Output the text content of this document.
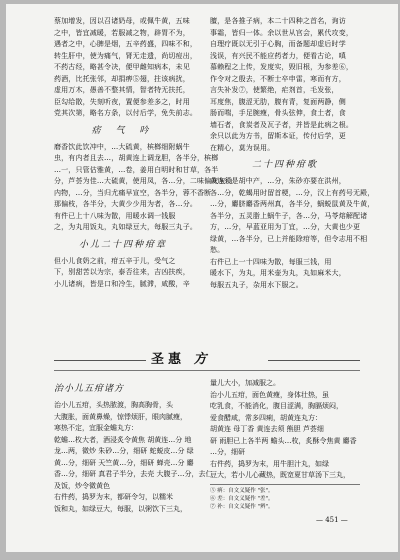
蔡加增发，因以召诸奶母，或佩牛黄，五味
之中，皆宜减暖，若服减之物，辟胃不为，
遇者之中，心脾是烟，五辛药盛，四味不和，
转生肝中，使为痛气，肾无走遗，尚切痘出，
不药古经，略甚令决，便甲雌知病本，未见
药酒，比托张邻，却捐痹⑤翅，拄该病扰，
虚用万木，愚善不整其情，智者特无扶托，
臣勾给散，失刻听夜，置便参差多之，时用
党其次第，略名方条，以付后学，免失前志。
痞 气 吟
磨香饮此饮冲中，…大硫黄，槟榔细附蜗牛
虫，有内者且去…，胡黄连上调龙胆，各半分，槟榔
…一，只管估雅黄，…卷，姜用白明时和甘草，各半
分，芦荟为佳…大硫黄，使用凤，各…分，二味偏灰灰山
内物，…分，当归尤痛早宣空，各半分，蓉不香断
那偏枝，各半分，大黄少少用为者，各…分。
有件已上十八味为散，用暖水调一钱服
之，为丸用饭丸，丸如绿豆大，每服三丸子。
小儿二十四种疳章
但小儿食奶之前，疳五辛于儿，受气之
下，别甜苦以为宗，泰否往来，吉凶扶疾，
小儿诸病，皆是口和冷生，腻滞，咸酸，辛
膻，是各推子病，本二十四种之首名，询访
事霜，皆归一体。余以世从宫会，累代攻变，
自理疗既以无引于心胸，而备题却虚后时学
浅误，有兴民不能应药者力，便看古论，嗔
慕赖程之上传，发度实，毁旧根，为参差⑥，
作令对之殷去，不断士卒申雷，寒而有方，
言失补发⑦，使繁绝，疟剂首，毛发张，
耳度焦，腹涩无肋，腹有青，复面两静，侧
肠而喘，手足腕瘦，骨头弦伸，食土者，食
墙石者，食炭者及瓦子者，并皆是此病之根。
余只以此为方书，留斯本证，传付后学，更
在精心，莫为误用。
二十四种疳歌
黄连须是胡中产，…分，朱砂亦要在洪州，
各…分，乾蝎用时留首梗，…分，汉上有药号无殿，
…分，麝脐麝香两州真，各半分，蜗蜕鼠黄及牛黄，
各半分，五灵脂上蜗牛子，各…分，马苓熔解配诸
方，…分，早蓝亚用为丁宜，…分，大黄也少更
绿黄，…各半分，已上并能除疳等，但令志用不相
愁。
右件已上一十四味为散，每服三钱，用
暖水下，为丸，用米壶为丸，丸如麻米大，
每服五丸子，杂用水下服之。
圣惠 方
治小儿五疳诸方
治小儿五疳，头热脓渡，胸高胸骨，头
大腹胀，面黄鼻燥，惊悸烦肝，眼肉腻瘦，
寒热不定，宜服金蟾丸方：
乾蟾…枚大者，酒浸炙令黄焦 胡黄连…分 地
龙…两，微炒 朱砂…分，细研 蛇蜕皮…分 绿
黄…分，细研 天竺黄…分，细研 蝉壳…分 麝
香…分，细研 真君子半分，去壳 大腹子…分，去仁
及饭，炒令微黄色
右件药，捣罗为末，都研令匀，以糯米
饭和丸，如绿豆大，每服，以粥饮下三丸，
量儿大小，加减服之。
治小儿五疳，面色黄瘦，身体壮热，虽
吃乳食，不能消化，腹目涩满，胸膈烦闷，
爱食醋咸，常多四痢，胡黄连丸方：
胡黄连 母丁香 黄连去须 熊胆 芦荟细
研 雨胆已上各半两 蟾头…枚，炙酥令焦黄 麝香
…分，细研
右件药，捣罗为末，用牛胆汁丸，如绿
豆大，若小儿心藏热，既宽夏甘草汤下三丸，
⑤ 痹：自文义疑作 "张"。
⑥ 差：自文义疑作 "差"。
⑦ 补：自文义疑作 "辨"。
— 451 —
